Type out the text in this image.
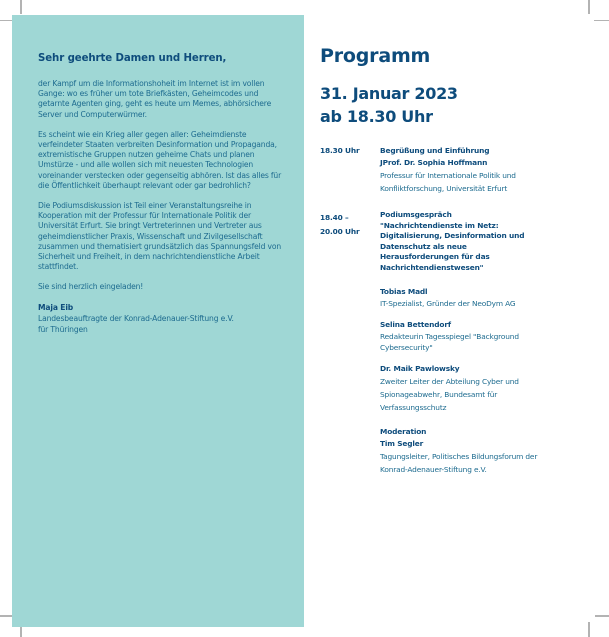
Sehr geehrte Damen und Herren,

der Kampf um die Informationshoheit im Internet ist im vollen Gange: wo es früher um tote Briefkästen, Geheimcodes und getarnte Agenten ging, geht es heute um Memes, abhörsichere Server und Computerwürmer.

Es scheint wie ein Krieg aller gegen aller: Geheimdienste verfeindeter Staaten verbreiten Desinformation und Propaganda, extremistische Gruppen nutzen geheime Chats und planen Umstürze - und alle wollen sich mit neuesten Technologien voreinander verstecken oder gegenseitig abhören. Ist das alles für die Öffentlichkeit überhaupt relevant oder gar bedrohlich?

Die Podiumsdiskussion ist Teil einer Veranstaltungsreihe in Kooperation mit der Professur für Internationale Politik der Universität Erfurt. Sie bringt Vertreterinnen und Vertreter aus geheimdienstlicher Praxis, Wissenschaft und Zivilgesellschaft zusammen und thematisiert grundsätzlich das Spannungsfeld von Sicherheit und Freiheit, in dem nachrichtendienstliche Arbeit stattfindet.

Sie sind herzlich eingeladen!

Maja Eib
Landesbeauftragte der Konrad-Adenauer-Stiftung e.V.
für Thüringen
Programm
31. Januar 2023
ab 18.30 Uhr
18.30 Uhr	Begrüßung und Einführung
JProf. Dr. Sophia Hoffmann
Professur für Internationale Politik und Konfliktforschung, Universität Erfurt
18.40 –
20.00 Uhr
Podiumsgespräch
"Nachrichtendienste im Netz: Digitalisierung, Desinformation und Datenschutz als neue Herausforderungen für das Nachrichtendienstwesen"
Tobias Madl
IT-Spezialist, Gründer der NeoDym AG
Selina Bettendorf
Redakteurin Tagesspiegel "Background Cybersecurity"
Dr. Maik Pawlowsky
Zweiter Leiter der Abteilung Cyber und Spionageabwehr, Bundesamt für Verfassungsschutz
Moderation
Tim Segler
Tagungsleiter, Politisches Bildungsforum der Konrad-Adenauer-Stiftung e.V.
